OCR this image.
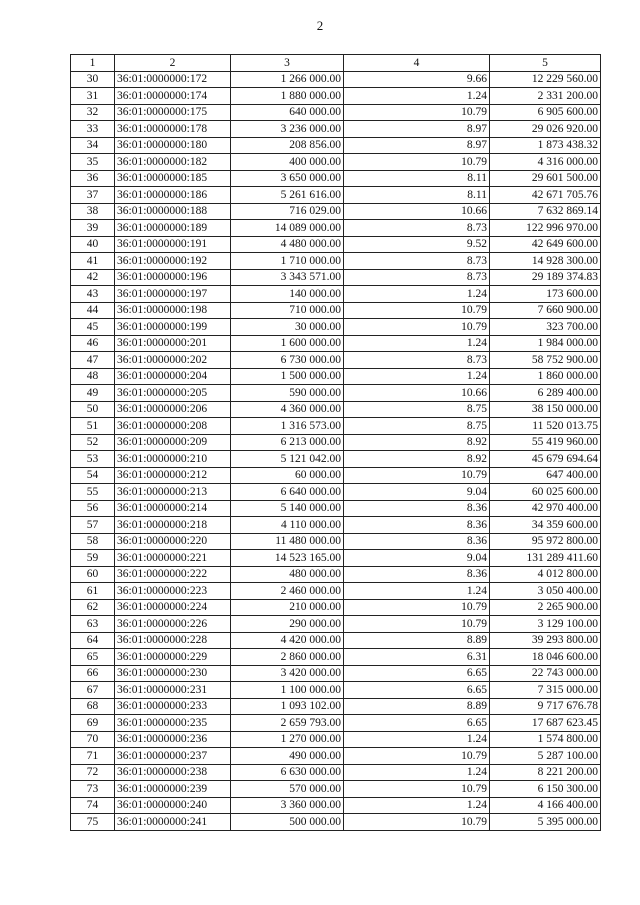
2
1	2	3	4	5
30	36:01:0000000:172	1 266 000.00	9.66	12 229 560.00
31	36:01:0000000:174	1 880 000.00	1.24	2 331 200.00
32	36:01:0000000:175	640 000.00	10.79	6 905 600.00
33	36:01:0000000:178	3 236 000.00	8.97	29 026 920.00
34	36:01:0000000:180	208 856.00	8.97	1 873 438.32
35	36:01:0000000:182	400 000.00	10.79	4 316 000.00
36	36:01:0000000:185	3 650 000.00	8.11	29 601 500.00
37	36:01:0000000:186	5 261 616.00	8.11	42 671 705.76
38	36:01:0000000:188	716 029.00	10.66	7 632 869.14
39	36:01:0000000:189	14 089 000.00	8.73	122 996 970.00
40	36:01:0000000:191	4 480 000.00	9.52	42 649 600.00
41	36:01:0000000:192	1 710 000.00	8.73	14 928 300.00
42	36:01:0000000:196	3 343 571.00	8.73	29 189 374.83
43	36:01:0000000:197	140 000.00	1.24	173 600.00
44	36:01:0000000:198	710 000.00	10.79	7 660 900.00
45	36:01:0000000:199	30 000.00	10.79	323 700.00
46	36:01:0000000:201	1 600 000.00	1.24	1 984 000.00
47	36:01:0000000:202	6 730 000.00	8.73	58 752 900.00
48	36:01:0000000:204	1 500 000.00	1.24	1 860 000.00
49	36:01:0000000:205	590 000.00	10.66	6 289 400.00
50	36:01:0000000:206	4 360 000.00	8.75	38 150 000.00
51	36:01:0000000:208	1 316 573.00	8.75	11 520 013.75
52	36:01:0000000:209	6 213 000.00	8.92	55 419 960.00
53	36:01:0000000:210	5 121 042.00	8.92	45 679 694.64
54	36:01:0000000:212	60 000.00	10.79	647 400.00
55	36:01:0000000:213	6 640 000.00	9.04	60 025 600.00
56	36:01:0000000:214	5 140 000.00	8.36	42 970 400.00
57	36:01:0000000:218	4 110 000.00	8.36	34 359 600.00
58	36:01:0000000:220	11 480 000.00	8.36	95 972 800.00
59	36:01:0000000:221	14 523 165.00	9.04	131 289 411.60
60	36:01:0000000:222	480 000.00	8.36	4 012 800.00
61	36:01:0000000:223	2 460 000.00	1.24	3 050 400.00
62	36:01:0000000:224	210 000.00	10.79	2 265 900.00
63	36:01:0000000:226	290 000.00	10.79	3 129 100.00
64	36:01:0000000:228	4 420 000.00	8.89	39 293 800.00
65	36:01:0000000:229	2 860 000.00	6.31	18 046 600.00
66	36:01:0000000:230	3 420 000.00	6.65	22 743 000.00
67	36:01:0000000:231	1 100 000.00	6.65	7 315 000.00
68	36:01:0000000:233	1 093 102.00	8.89	9 717 676.78
69	36:01:0000000:235	2 659 793.00	6.65	17 687 623.45
70	36:01:0000000:236	1 270 000.00	1.24	1 574 800.00
71	36:01:0000000:237	490 000.00	10.79	5 287 100.00
72	36:01:0000000:238	6 630 000.00	1.24	8 221 200.00
73	36:01:0000000:239	570 000.00	10.79	6 150 300.00
74	36:01:0000000:240	3 360 000.00	1.24	4 166 400.00
75	36:01:0000000:241	500 000.00	10.79	5 395 000.00
